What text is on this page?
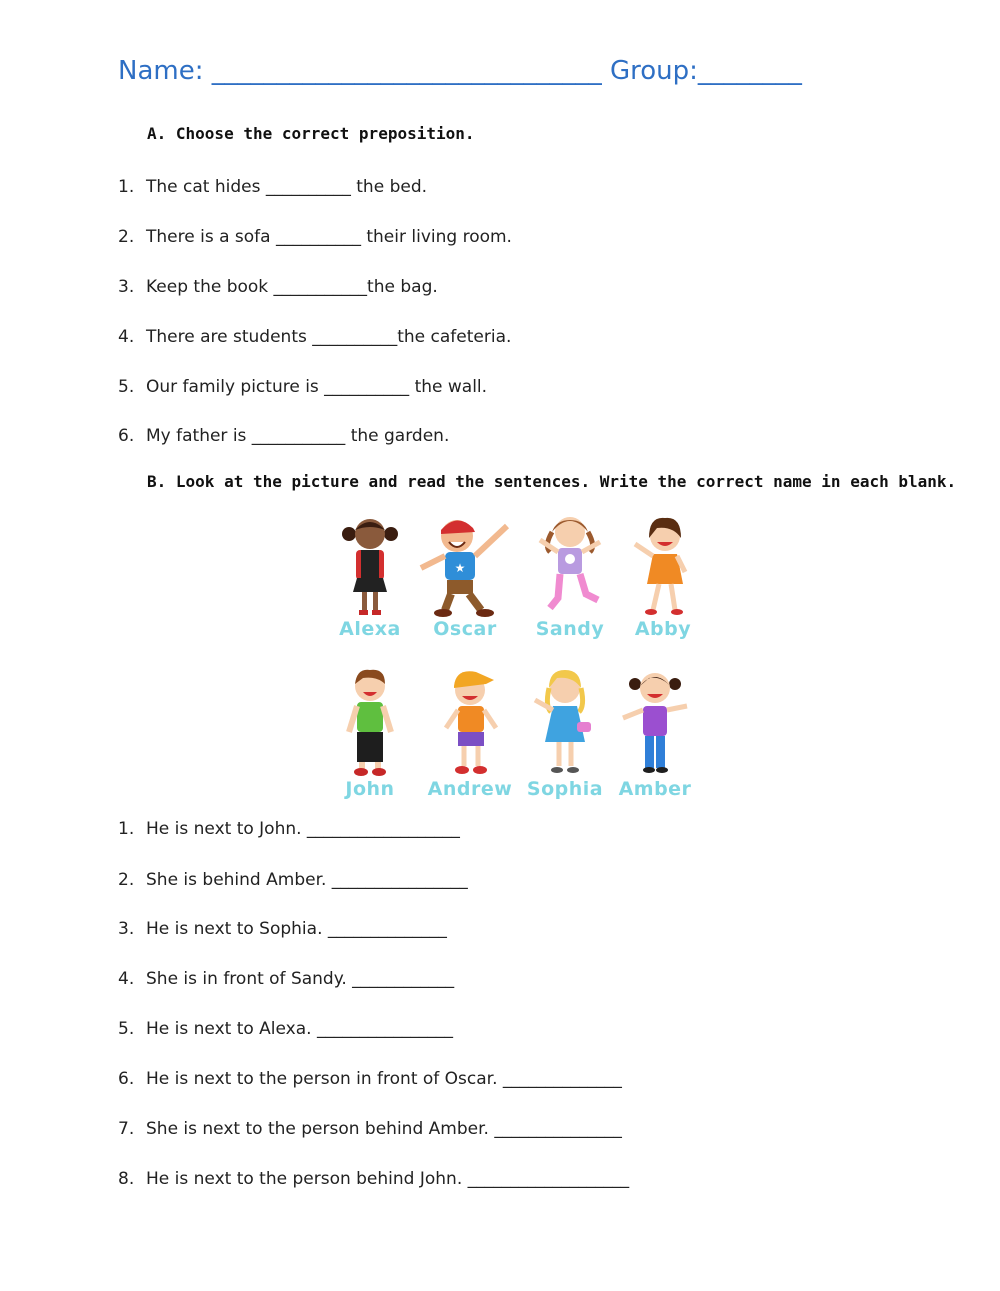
Name: ______________________________ Group:________
A. Choose the correct preposition.
1. The cat hides __________ the bed.
2. There is a sofa __________ their living room.
3. Keep the book ___________the bag.
4. There are students __________the cafeteria.
5. Our family picture is __________ the wall.
6. My father is ___________ the garden.
B. Look at the picture and read the sentences. Write the correct name in each blank.
Alexa
★
Oscar	Sandy	Abby
John	Andrew Sophia Amber
1. He is next to John. __________________
2. She is behind Amber. ________________
3. He is next to Sophia. ______________
4. She is in front of Sandy. ____________
5. He is next to Alexa. ________________
6. He is next to the person in front of Oscar. ______________
7. She is next to the person behind Amber. _______________
8. He is next to the person behind John. ___________________
